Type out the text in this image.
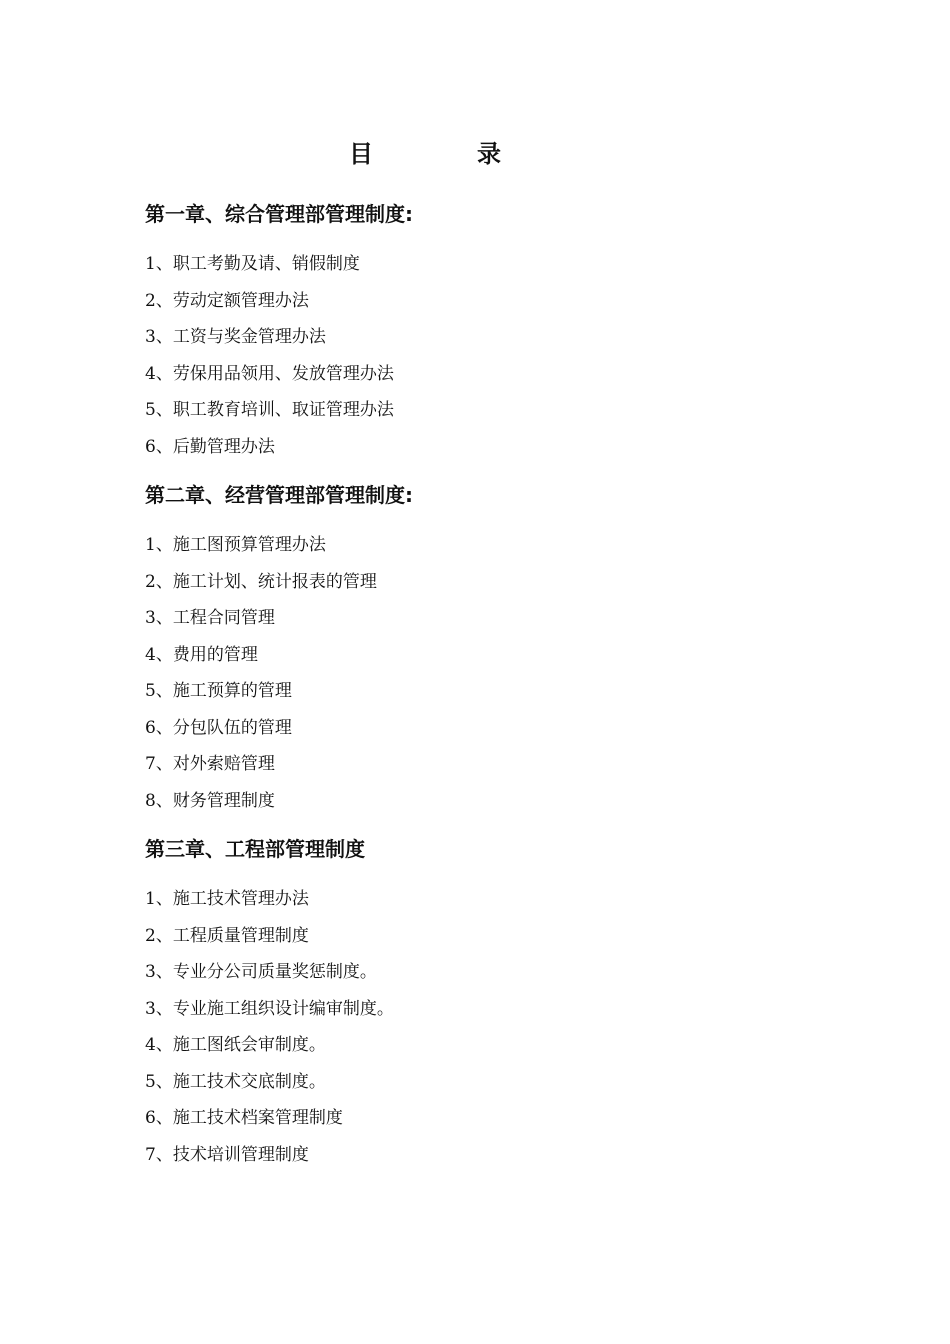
目	录
第一章、综合管理部管理制度:
1、职工考勤及请、销假制度
2、劳动定额管理办法
3、工资与奖金管理办法
4、劳保用品领用、发放管理办法
5、职工教育培训、取证管理办法
6、后勤管理办法
第二章、经营管理部管理制度:
1、施工图预算管理办法
2、施工计划、统计报表的管理
3、工程合同管理
4、费用的管理
5、施工预算的管理
6、分包队伍的管理
7、对外索赔管理
8、财务管理制度
第三章、工程部管理制度
1、施工技术管理办法
2、工程质量管理制度
3、专业分公司质量奖惩制度。
3、专业施工组织设计编审制度。
4、施工图纸会审制度。
5、施工技术交底制度。
6、施工技术档案管理制度
7、技术培训管理制度
